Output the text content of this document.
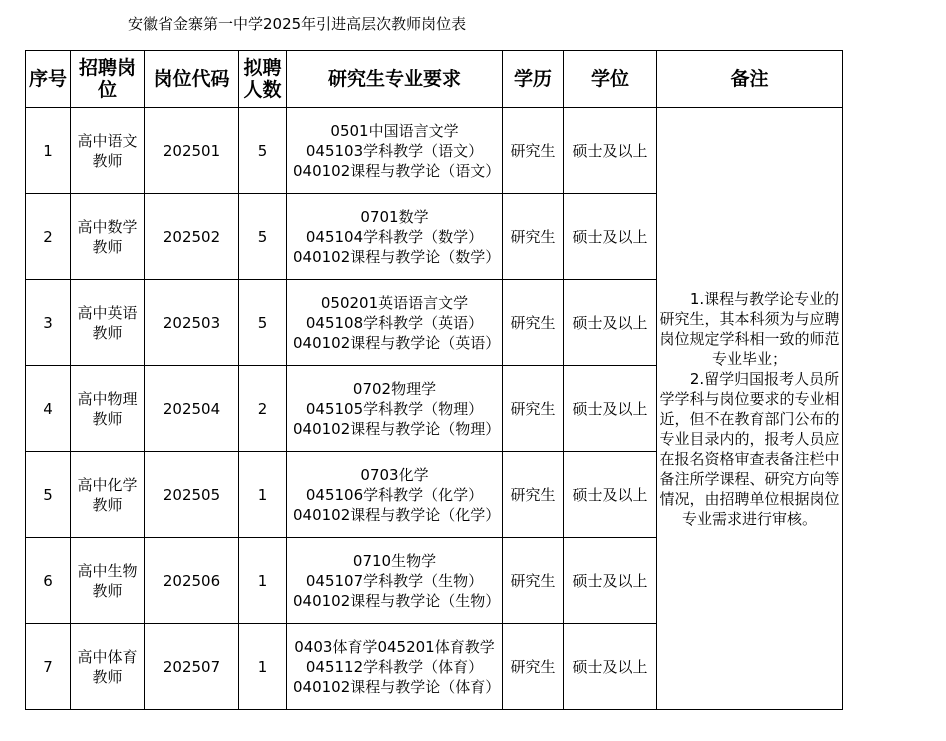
安徽省金寨第一中学2025年引进高层次教师岗位表
序号	招聘岗位	岗位代码	拟聘人数	研究生专业要求	学历	学位	备注
1	高中语文教师	202501	5	0501中国语言文学
045103学科教学（语文）
040102课程与教学论（语文）	研究生	硕士及以上	1.课程与教学论专业的研究生，其本科须为与应聘岗位规定学科相一致的师范专业毕业；
2.留学归国报考人员所学学科与岗位要求的专业相近，但不在教育部门公布的专业目录内的，报考人员应在报名资格审查表备注栏中备注所学课程、研究方向等情况，由招聘单位根据岗位专业需求进行审核。

2	高中数学教师	202502	5	0701数学
045104学科教学（数学）
040102课程与教学论（数学）	研究生	硕士及以上	
3	高中英语教师	202503	5	050201英语语言文学
045108学科教学（英语）
040102课程与教学论（英语）	研究生	硕士及以上	
4	高中物理教师	202504	2	0702物理学
045105学科教学（物理）
040102课程与教学论（物理）	研究生	硕士及以上	
5	高中化学教师	202505	1	0703化学
045106学科教学（化学）
040102课程与教学论（化学）	研究生	硕士及以上	
6	高中生物教师	202506	1	0710生物学
045107学科教学（生物）
040102课程与教学论（生物）	研究生	硕士及以上	
7	高中体育教师	202507	1	0403体育学045201体育教学
045112学科教学（体育）
040102课程与教学论（体育）	研究生	硕士及以上	
